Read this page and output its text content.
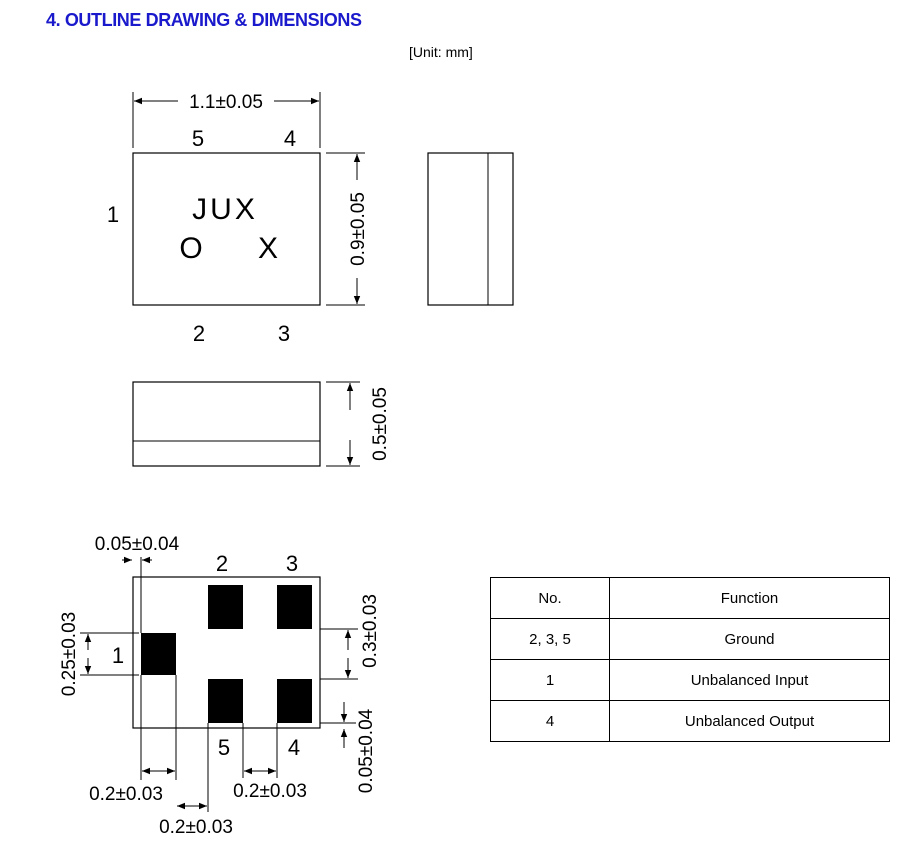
4. OUTLINE DRAWING & DIMENSIONS
[Unit: mm]
1.1±0.05
0.9±0.05
5	4
1
2	3
JUX
O X
0.5±0.05
1
2	3
5	4
0.05±0.04
0.25±0.03	0.3±0.03
0.05±0.04
0.2±0.03
0.2±0.03
0.2±0.03
No.	Function
2, 3, 5	Ground
1	Unbalanced Input
4	Unbalanced Output
